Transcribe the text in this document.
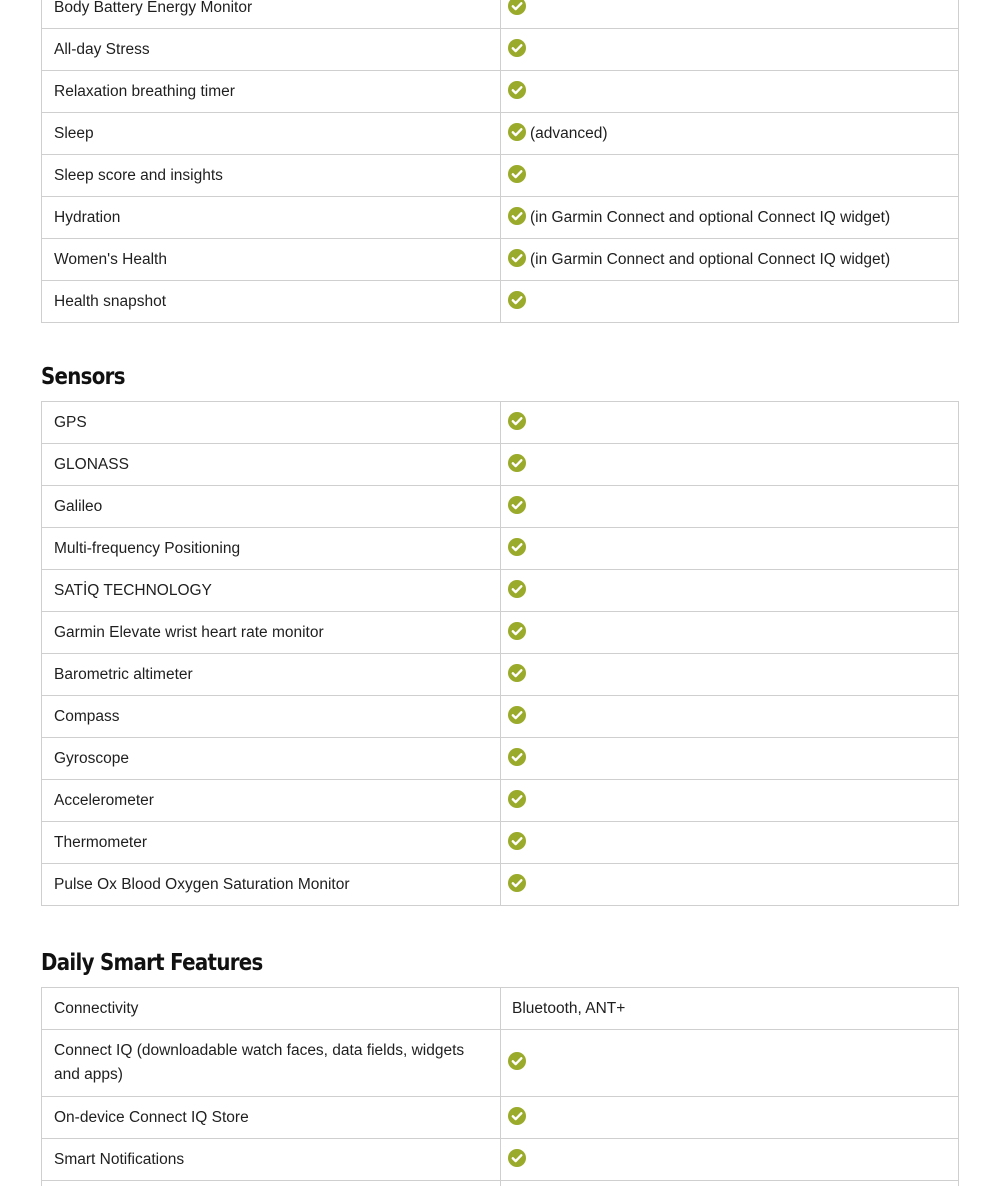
Body Battery Energy Monitor	
All-day Stress	
Relaxation breathing timer	
Sleep	(advanced)
Sleep score and insights	
Hydration	(in Garmin Connect and optional Connect IQ widget)
Women's Health	(in Garmin Connect and optional Connect IQ widget)
Health snapshot	
Sensors
GPS	
GLONASS	
Galileo	
Multi-frequency Positioning	
SATİQ TECHNOLOGY	
Garmin Elevate wrist heart rate monitor	
Barometric altimeter	
Compass	
Gyroscope	
Accelerometer	
Thermometer	
Pulse Ox Blood Oxygen Saturation Monitor	
Daily Smart Features
Connectivity	Bluetooth, ANT+
Connect IQ (downloadable watch faces, data fields, widgets and apps)	
On-device Connect IQ Store	
Smart Notifications	
